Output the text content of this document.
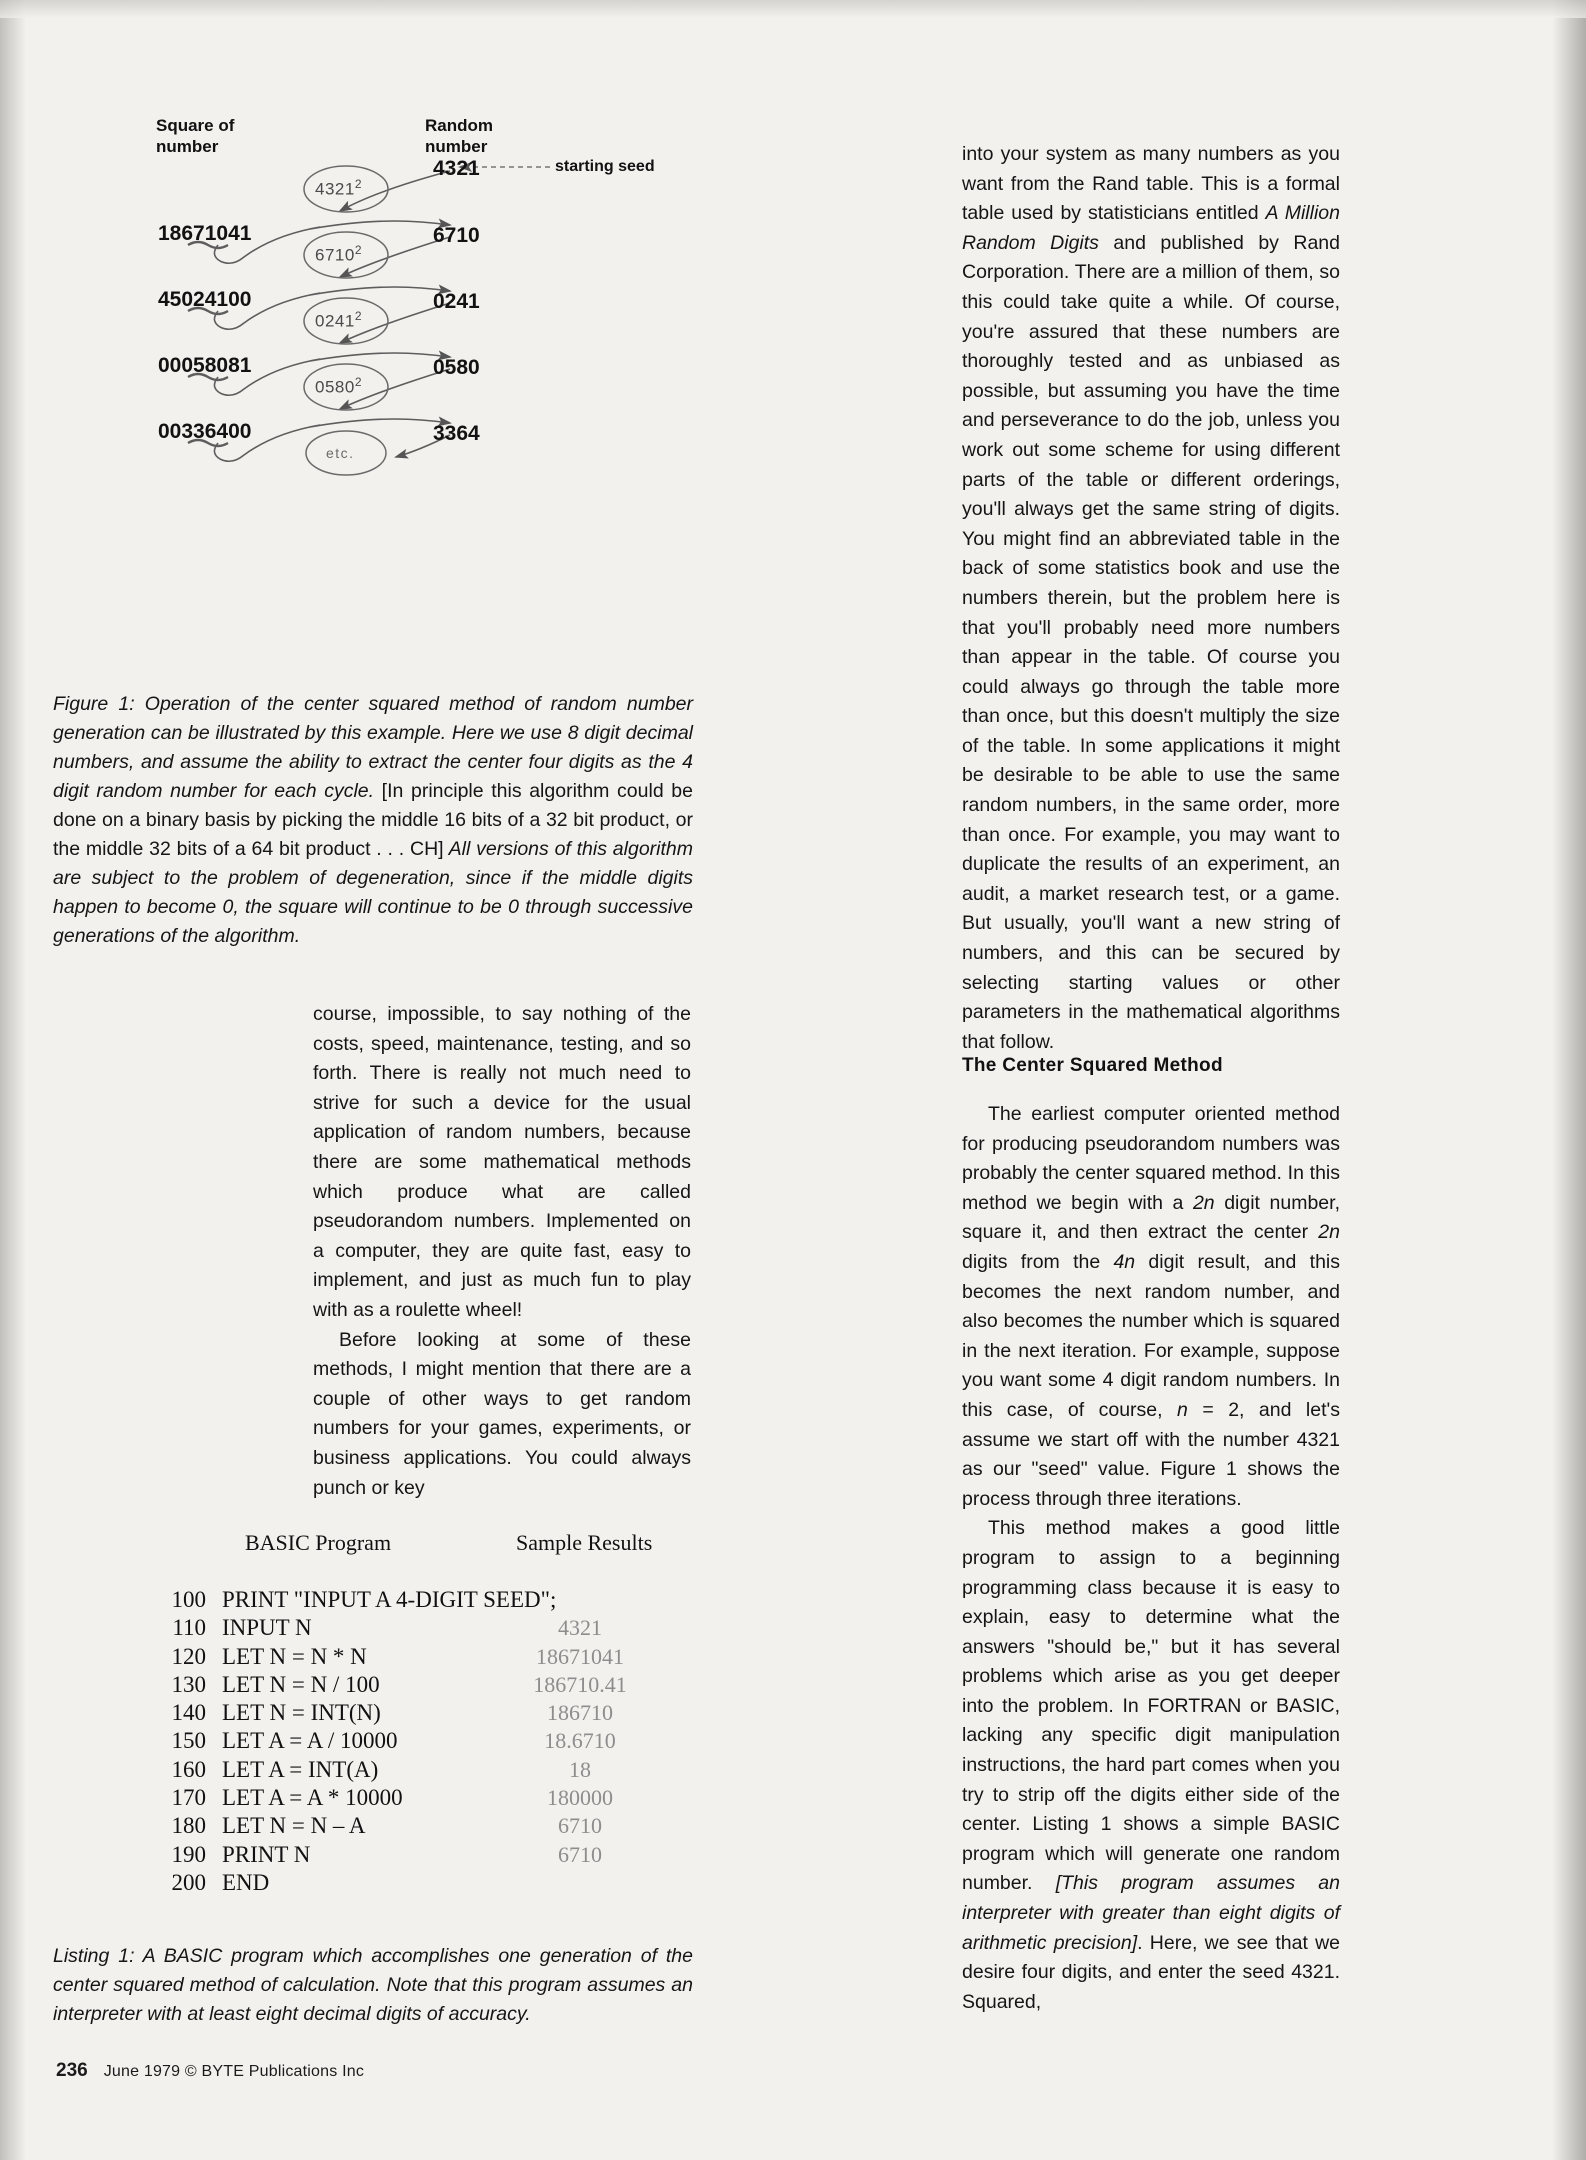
Square of
number
Random
number
starting seed
4321
6710
0241
0580
3364
18671041
45024100
00058081
00336400
4321$^2$
6710$^2$
0241$^2$
0580$^2$
etc.
Figure 1: Operation of the center squared method of random number generation can be illustrated by this example. Here we use 8 digit decimal numbers, and assume the ability to extract the center four digits as the 4 digit random number for each cycle. [In principle this algorithm could be done on a binary basis by picking the middle 16 bits of a 32 bit product, or the middle 32 bits of a 64 bit product . . . CH] All versions of this algorithm are subject to the problem of degeneration, since if the middle digits happen to become 0, the square will continue to be 0 through successive generations of the algorithm.

course, impossible, to say nothing of the costs, speed, maintenance, testing, and so forth. There is really not much need to strive for such a device for the usual application of random numbers, because there are some mathematical methods which produce what are called pseudorandom numbers. Implemented on a computer, they are quite fast, easy to implement, and just as much fun to play with as a roulette wheel!

Before looking at some of these methods, I might mention that there are a couple of other ways to get random numbers for your games, experiments, or business applications. You could always punch or key

into your system as many numbers as you want from the Rand table. This is a formal table used by statisticians entitled A Million Random Digits and published by Rand Corporation. There are a million of them, so this could take quite a while. Of course, you're assured that these numbers are thoroughly tested and as unbiased as possible, but assuming you have the time and perseverance to do the job, unless you work out some scheme for using different parts of the table or different orderings, you'll always get the same string of digits. You might find an abbreviated table in the back of some statistics book and use the numbers therein, but the problem here is that you'll probably need more numbers than appear in the table. Of course you could always go through the table more than once, but this doesn't multiply the size of the table. In some applications it might be desirable to be able to use the same random numbers, in the same order, more than once. For example, you may want to duplicate the results of an experiment, an audit, a market research test, or a game. But usually, you'll want a new string of numbers, and this can be secured by selecting starting values or other parameters in the mathematical algorithms that follow.

The Center Squared Method

The earliest computer oriented method for producing pseudorandom numbers was probably the center squared method. In this method we begin with a 2n digit number, square it, and then extract the center 2n digits from the 4n digit result, and this becomes the next random number, and also becomes the number which is squared in the next iteration. For example, suppose you want some 4 digit random numbers. In this case, of course, n = 2, and let's assume we start off with the number 4321 as our "seed" value. Figure 1 shows the process through three iterations.

This method makes a good little program to assign to a beginning programming class because it is easy to explain, easy to determine what the answers "should be," but it has several problems which arise as you get deeper into the problem. In FORTRAN or BASIC, lacking any specific digit manipulation instructions, the hard part comes when you try to strip off the digits either side of the center. Listing 1 shows a simple BASIC program which will generate one random number. [This program assumes an interpreter with greater than eight digits of arithmetic precision]. Here, we see that we desire four digits, and enter the seed 4321. Squared,

BASIC Program	Sample Results
100 PRINT "INPUT A 4-DIGIT SEED";
110 INPUT N	4321
120 LET N = N * N	18671041
130 LET N = N / 100	186710.41
140 LET N = INT(N)	186710
150 LET A = A / 10000	18.6710
160 LET A = INT(A)	18
170 LET A = A * 10000	180000
180 LET N = N – A	6710
190 PRINT N	6710
200 END
Listing 1: A BASIC program which accomplishes one generation of the center squared method of calculation. Note that this program assumes an interpreter with at least eight decimal digits of accuracy.
236 June 1979 © BYTE Publications Inc
